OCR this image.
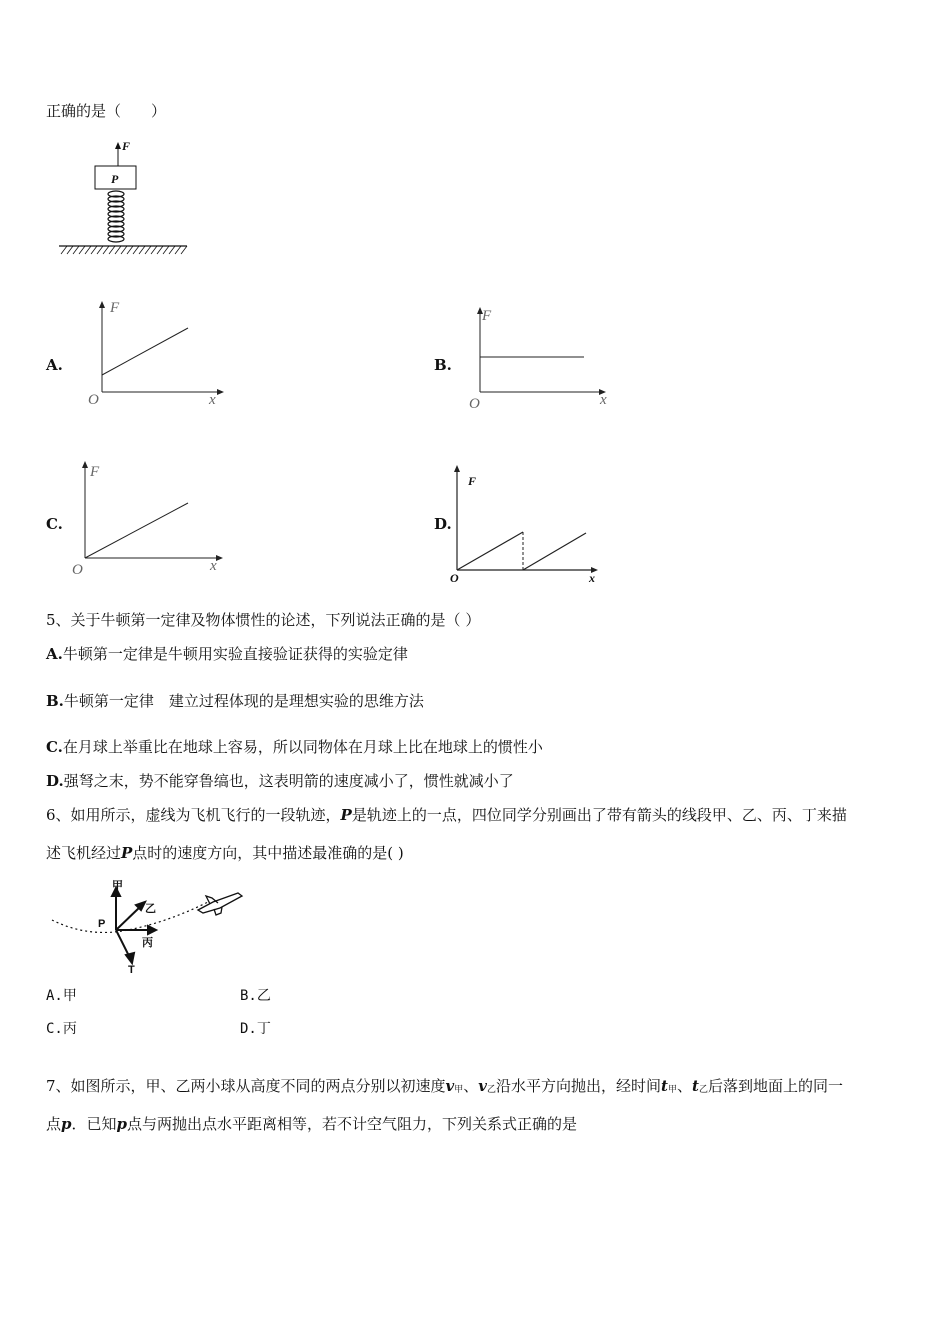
正确的是（　　）
F
P
A.
F
x
O
B.
F
x
O
C.
F
x
O
D.
F
x
O
5、关于牛顿第一定律及物体惯性的论述，下列说法正确的是（ ）
A.牛顿第一定律是牛顿用实验直接验证获得的实验定律
B.牛顿第一定律　建立过程体现的是理想实验的思维方法
C.在月球上举重比在地球上容易，所以同物体在月球上比在地球上的惯性小
D.强弩之末，势不能穿鲁缟也，这表明箭的速度减小了，惯性就减小了
6、如用所示，虚线为飞机飞行的一段轨迹，P是轨迹上的一点，四位同学分别画出了带有箭头的线段甲、乙、丙、丁来描
述飞机经过P点时的速度方向，其中描述最准确的是( )
P
甲
乙
丙
T
A.甲	B.乙
C.丙	D.丁
7、如图所示，甲、乙两小球从高度不同的两点分别以初速度$v_甲$、$v_乙$沿水平方向抛出，经时间$t_甲$、$t_乙$后落到地面上的同一
点p．已知p点与两抛出点水平距离相等，若不计空气阻力，下列关系式正确的是
